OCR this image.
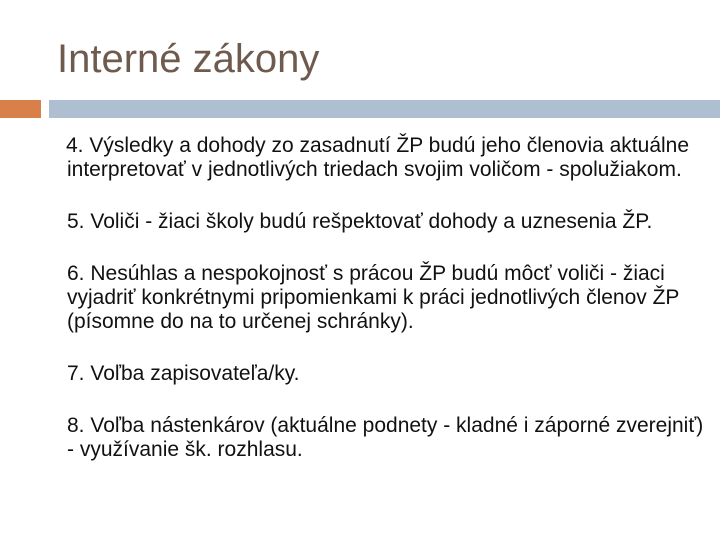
Interné zákony

4. Výsledky a dohody zo zasadnutí ŽP budú jeho členovia aktuálne interpretovať v jednotlivých triedach svojim voličom - spolužiakom.

5. Voliči - žiaci školy budú rešpektovať dohody a uznesenia ŽP.

6. Nesúhlas a nespokojnosť s prácou ŽP budú môcť voliči - žiaci vyjadriť konkrétnymi pripomienkami k práci jednotlivých členov ŽP (písomne do na to určenej schránky).

7. Voľba zapisovateľa/ky.

8. Voľba nástenkárov (aktuálne podnety - kladné i záporné zverejniť) - využívanie šk. rozhlasu.
